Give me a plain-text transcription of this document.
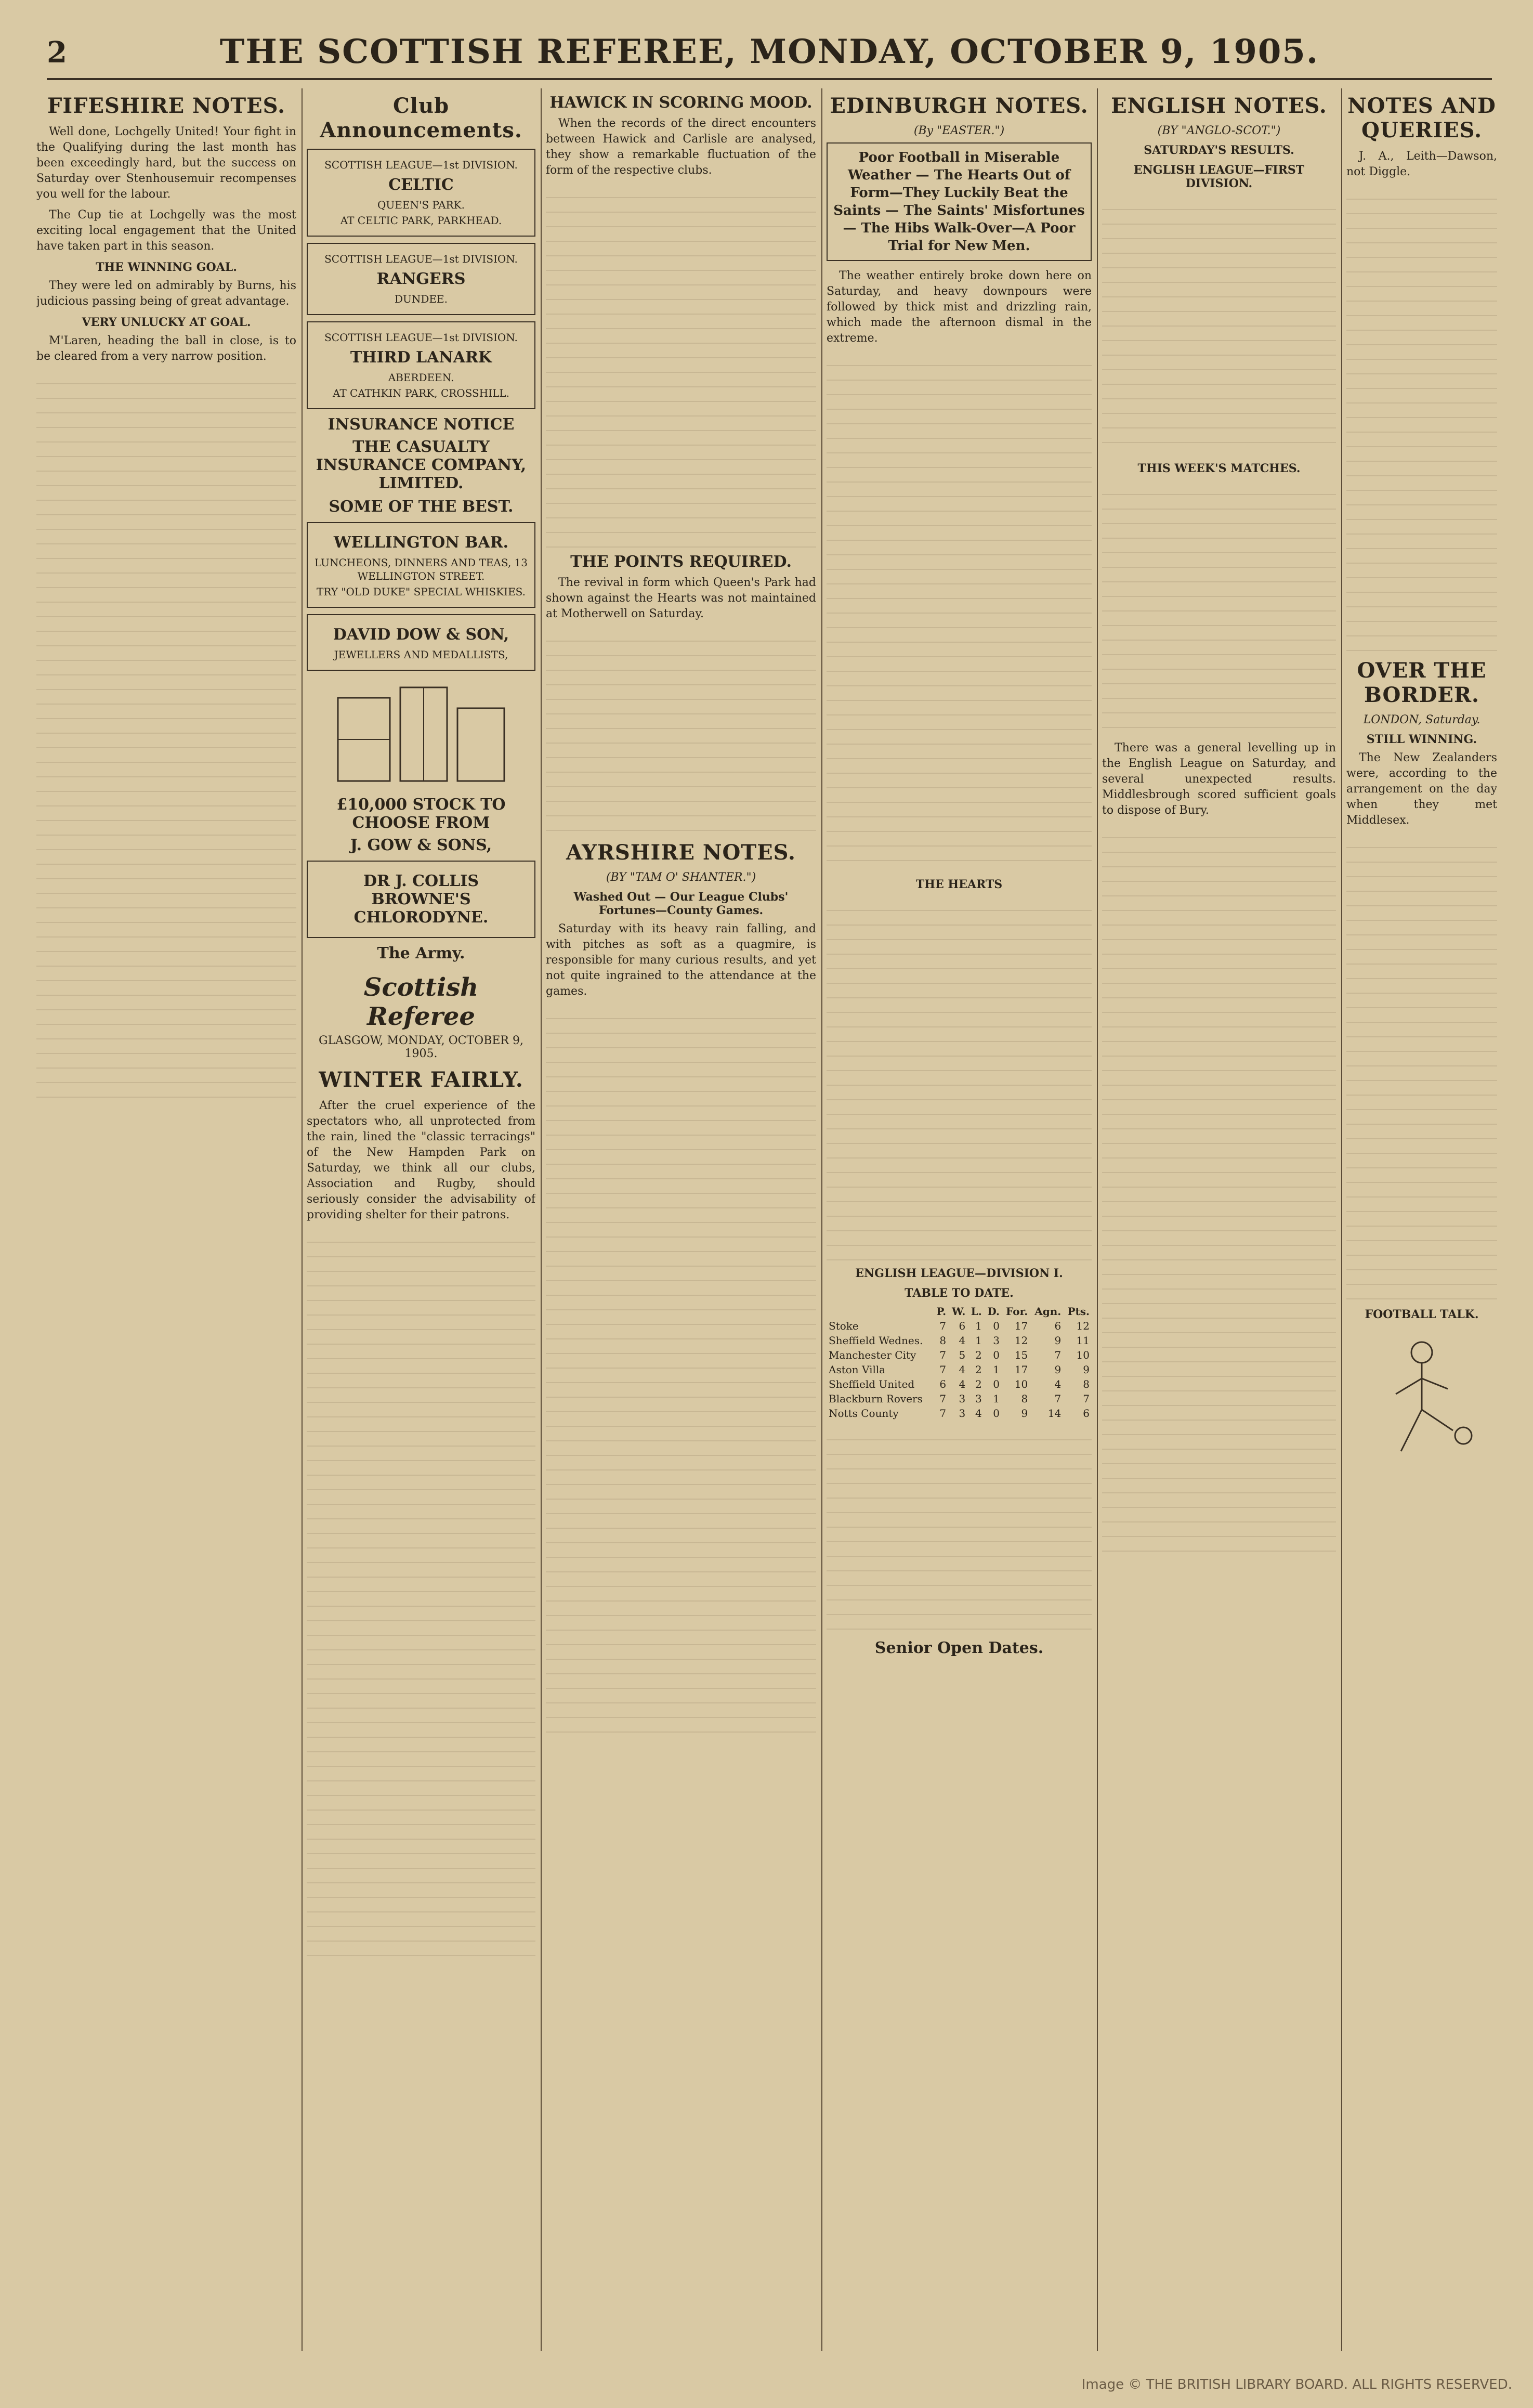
2	THE SCOTTISH REFEREE, MONDAY, OCTOBER 9, 1905.
FIFESHIRE NOTES.

Well done, Lochgelly United! Your fight in the Qualifying during the last month has been exceedingly hard, but the success on Saturday over Stenhousemuir recompenses you well for the labour.

The Cup tie at Lochgelly was the most exciting local engagement that the United have taken part in this season.

THE WINNING GOAL.

They were led on admirably by Burns, his judicious passing being of great advantage.

VERY UNLUCKY AT GOAL.

M'Laren, heading the ball in close, is to be cleared from a very narrow position.

Club Announcements.
SCOTTISH LEAGUE—1st DIVISION.
CELTIC
QUEEN'S PARK.
AT CELTIC PARK, PARKHEAD.
SCOTTISH LEAGUE—1st DIVISION.
RANGERS
DUNDEE.
SCOTTISH LEAGUE—1st DIVISION.
THIRD LANARK
ABERDEEN.
AT CATHKIN PARK, CROSSHILL.
INSURANCE NOTICE
THE CASUALTY INSURANCE COMPANY, LIMITED.
SOME OF THE BEST.
WELLINGTON BAR.
LUNCHEONS, DINNERS AND TEAS, 13 WELLINGTON STREET.
TRY "OLD DUKE" SPECIAL WHISKIES.
DAVID DOW & SON,
JEWELLERS AND MEDALLISTS,
£10,000 STOCK TO CHOOSE FROM
J. GOW & SONS,
DR J. COLLIS BROWNE'S CHLORODYNE.
The Army.
Scottish Referee
GLASGOW, MONDAY, OCTOBER 9, 1905.
WINTER FAIRLY.

After the cruel experience of the spectators who, all unprotected from the rain, lined the "classic terracings" of the New Hampden Park on Saturday, we think all our clubs, Association and Rugby, should seriously consider the advisability of providing shelter for their patrons.

HAWICK IN SCORING MOOD.

When the records of the direct encounters between Hawick and Carlisle are analysed, they show a remarkable fluctuation of the form of the respective clubs.

THE POINTS REQUIRED.

The revival in form which Queen's Park had shown against the Hearts was not maintained at Motherwell on Saturday.

AYRSHIRE NOTES.
(BY "TAM O' SHANTER.")
Washed Out — Our League Clubs' Fortunes—County Games.

Saturday with its heavy rain falling, and with pitches as soft as a quagmire, is responsible for many curious results, and yet not quite ingrained to the attendance at the games.

EDINBURGH NOTES.
(By "EASTER.")
Poor Football in Miserable Weather — The Hearts Out of Form—They Luckily Beat the Saints — The Saints' Misfortunes — The Hibs Walk-Over—A Poor Trial for New Men.

The weather entirely broke down here on Saturday, and heavy downpours were followed by thick mist and drizzling rain, which made the afternoon dismal in the extreme.

THE HEARTS
ENGLISH LEAGUE—DIVISION I.
TABLE TO DATE.
	P.	W.	L.	D.	For.	Agn.	Pts.
Stoke	7	6	1	0	17	6	12
Sheffield Wednes.	8	4	1	3	12	9	11
Manchester City	7	5	2	0	15	7	10
Aston Villa	7	4	2	1	17	9	9
Sheffield United	6	4	2	0	10	4	8
Blackburn Rovers	7	3	3	1	8	7	7
Notts County	7	3	4	0	9	14	6
Senior Open Dates.
ENGLISH NOTES.
(BY "ANGLO-SCOT.")
SATURDAY'S RESULTS.
ENGLISH LEAGUE—FIRST DIVISION.
THIS WEEK'S MATCHES.

There was a general levelling up in the English League on Saturday, and several unexpected results. Middlesbrough scored sufficient goals to dispose of Bury.

NOTES AND QUERIES.

J. A., Leith—Dawson, not Diggle.

OVER THE BORDER.
LONDON, Saturday.
STILL WINNING.

The New Zealanders were, according to the arrangement on the day when they met Middlesex.

FOOTBALL TALK.
Image © THE BRITISH LIBRARY BOARD. ALL RIGHTS RESERVED.
